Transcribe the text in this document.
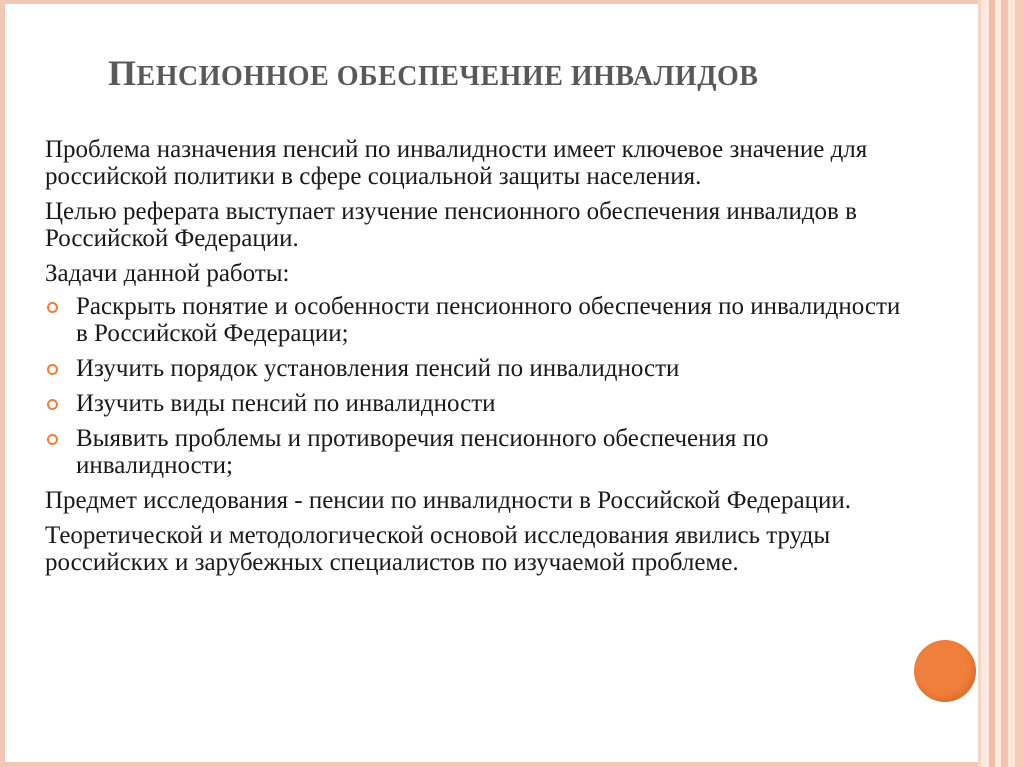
ПЕНСИОННОЕ ОБЕСПЕЧЕНИЕ ИНВАЛИДОВ

Проблема назначения пенсий по инвалидности имеет ключевое значение для российской политики в сфере социальной защиты населения.

Целью реферата выступает изучение пенсионного обеспечения инвалидов в Российской Федерации.

Задачи данной работы:

Раскрыть понятие и особенности пенсионного обеспечения по инвалидности в Российской Федерации;
Изучить порядок установления пенсий по инвалидности
Изучить виды пенсий по инвалидности
Выявить проблемы и противоречия пенсионного обеспечения по инвалидности;

Предмет исследования - пенсии по инвалидности в Российской Федерации.

Теоретической и методологической основой исследования явились труды российских и зарубежных специалистов по изучаемой проблеме.
